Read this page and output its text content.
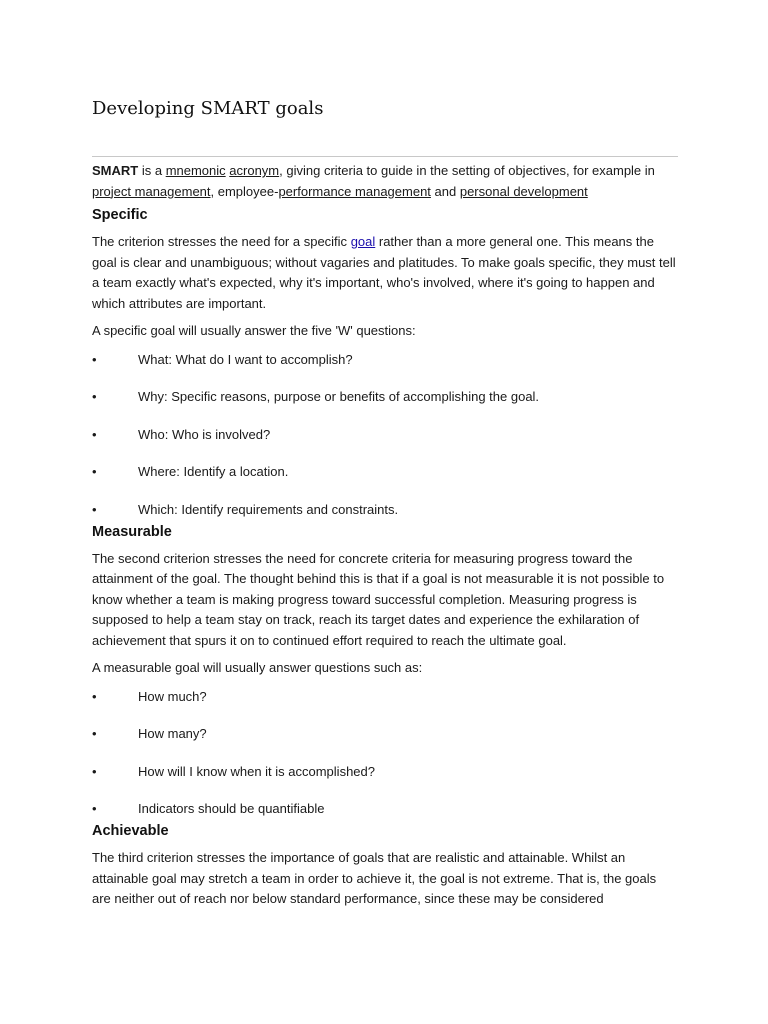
Developing SMART goals

SMART is a mnemonic acronym, giving criteria to guide in the setting of objectives, for example in project management, employee-performance management and personal development

Specific

The criterion stresses the need for a specific goal rather than a more general one. This means the goal is clear and unambiguous; without vagaries and platitudes. To make goals specific, they must tell a team exactly what's expected, why it's important, who's involved, where it's going to happen and which attributes are important.

A specific goal will usually answer the five 'W' questions:

•	What: What do I want to accomplish?
•	Why: Specific reasons, purpose or benefits of accomplishing the goal.
•	Who: Who is involved?
•	Where: Identify a location.
•	Which: Identify requirements and constraints.
Measurable

The second criterion stresses the need for concrete criteria for measuring progress toward the attainment of the goal. The thought behind this is that if a goal is not measurable it is not possible to know whether a team is making progress toward successful completion. Measuring progress is supposed to help a team stay on track, reach its target dates and experience the exhilaration of achievement that spurs it on to continued effort required to reach the ultimate goal.

A measurable goal will usually answer questions such as:

•	How much?
•	How many?
•	How will I know when it is accomplished?
•	Indicators should be quantifiable
Achievable

The third criterion stresses the importance of goals that are realistic and attainable. Whilst an attainable goal may stretch a team in order to achieve it, the goal is not extreme. That is, the goals are neither out of reach nor below standard performance, since these may be considered
